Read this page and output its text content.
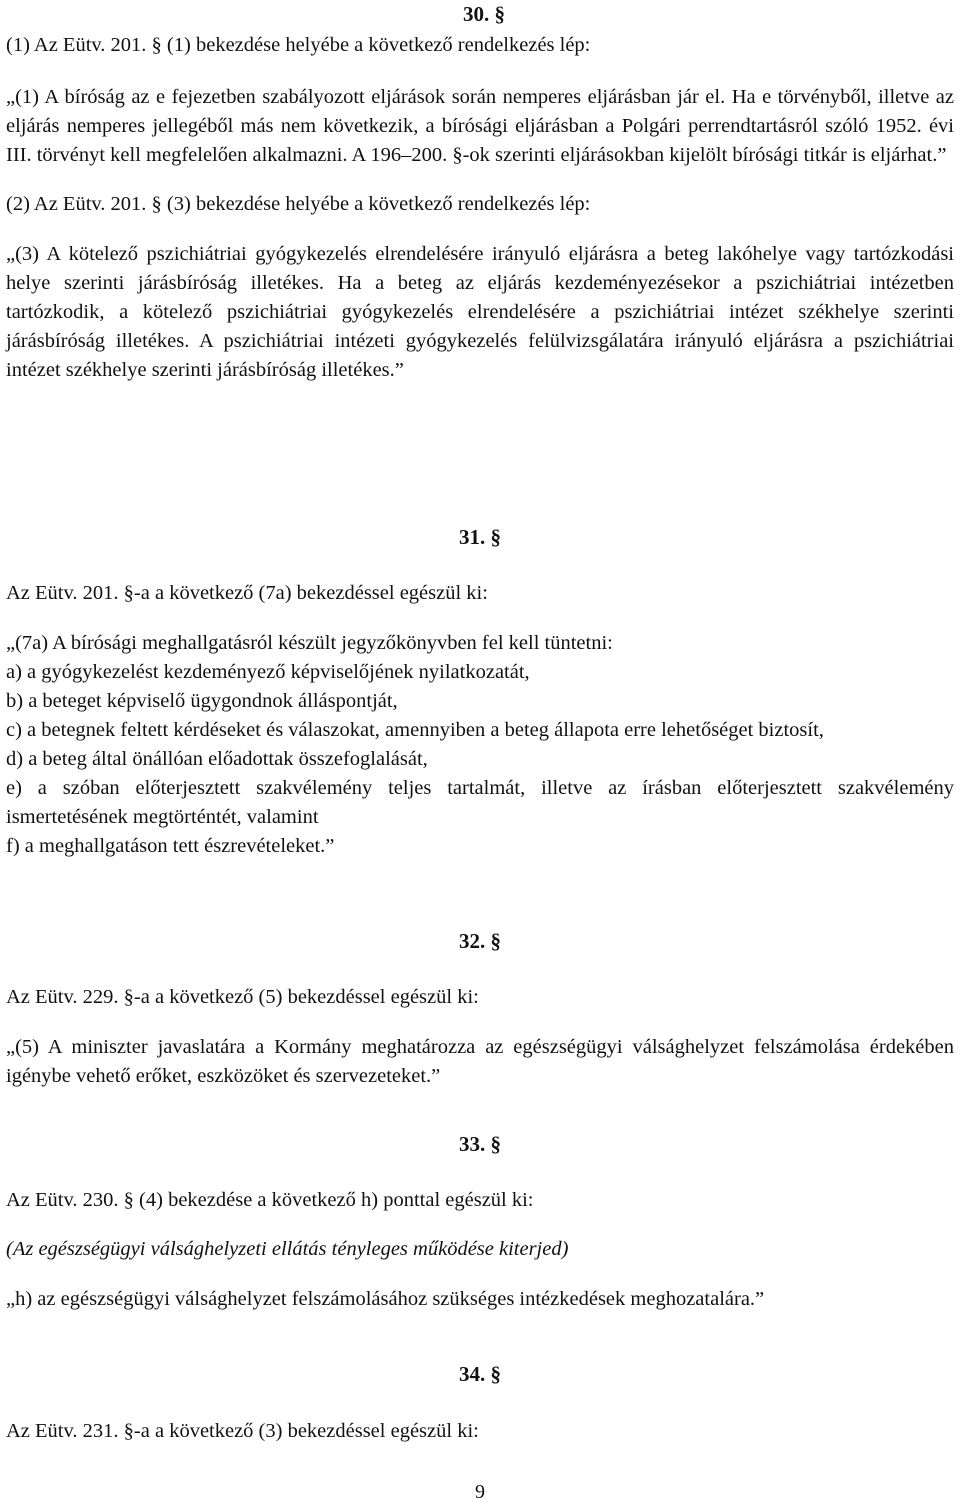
30. §

(1) Az Eütv. 201. § (1) bekezdése helyébe a következő rendelkezés lép:

„(1) A bíróság az e fejezetben szabályozott eljárások során nemperes eljárásban jár el. Ha e törvényből, illetve az eljárás nemperes jellegéből más nem következik, a bírósági eljárásban a Polgári perrendtartásról szóló 1952. évi III. törvényt kell megfelelően alkalmazni. A 196–200. §-ok szerinti eljárásokban kijelölt bírósági titkár is eljárhat.”

(2) Az Eütv. 201. § (3) bekezdése helyébe a következő rendelkezés lép:

„(3) A kötelező pszichiátriai gyógykezelés elrendelésére irányuló eljárásra a beteg lakóhelye vagy tartózkodási helye szerinti járásbíróság illetékes. Ha a beteg az eljárás kezdeményezésekor a pszichiátriai intézetben tartózkodik, a kötelező pszichiátriai gyógykezelés elrendelésére a pszichiátriai intézet székhelye szerinti járásbíróság illetékes. A pszichiátriai intézeti gyógykezelés felülvizsgálatára irányuló eljárásra a pszichiátriai intézet székhelye szerinti járásbíróság illetékes.”

31. §

Az Eütv. 201. §-a a következő (7a) bekezdéssel egészül ki:

„(7a) A bírósági meghallgatásról készült jegyzőkönyvben fel kell tüntetni:

a) a gyógykezelést kezdeményező képviselőjének nyilatkozatát,

b) a beteget képviselő ügygondnok álláspontját,

c) a betegnek feltett kérdéseket és válaszokat, amennyiben a beteg állapota erre lehetőséget biztosít,

d) a beteg által önállóan előadottak összefoglalását,

e) a szóban előterjesztett szakvélemény teljes tartalmát, illetve az írásban előterjesztett szakvélemény ismertetésének megtörténtét, valamint

f) a meghallgatáson tett észrevételeket.”

32. §

Az Eütv. 229. §-a a következő (5) bekezdéssel egészül ki:

„(5) A miniszter javaslatára a Kormány meghatározza az egészségügyi válsághelyzet felszámolása érdekében igénybe vehető erőket, eszközöket és szervezeteket.”

33. §

Az Eütv. 230. § (4) bekezdése a következő h) ponttal egészül ki:

(Az egészségügyi válsághelyzeti ellátás tényleges működése kiterjed)

„h) az egészségügyi válsághelyzet felszámolásához szükséges intézkedések meghozatalára.”

34. §

Az Eütv. 231. §-a a következő (3) bekezdéssel egészül ki:

9
